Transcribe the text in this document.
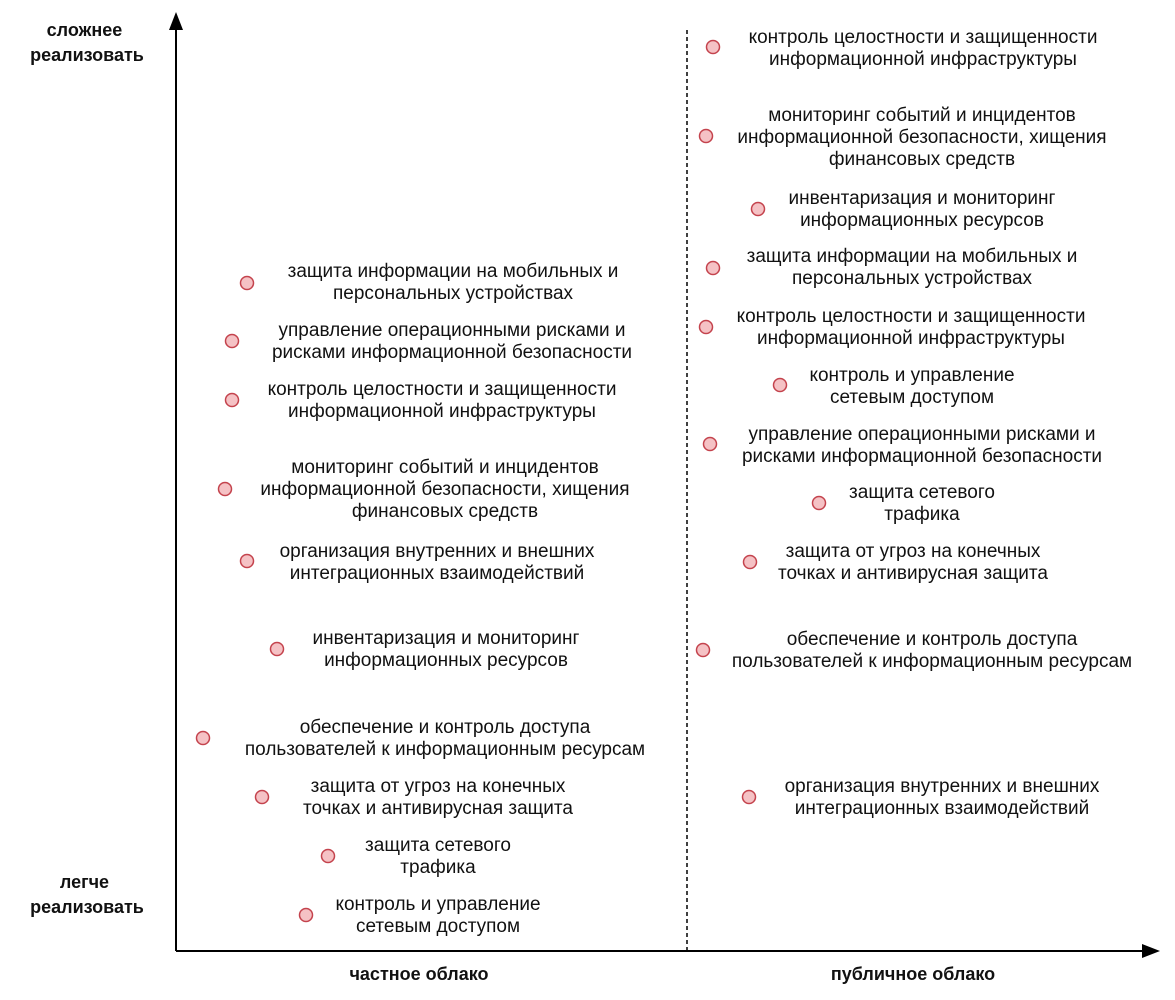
сложнее реализовать
легче реализовать
частное облако	публичное облако
защита информации на мобильных и персональных устройствах
управление операционными рисками и рисками информационной безопасности
контроль целостности и защищенности информационной инфраструктуры
мониторинг событий и инцидентов информационной безопасности, хищения финансовых средств
организация внутренних и внешних интеграционных взаимодействий
инвентаризация и мониторинг информационных ресурсов
обеспечение и контроль доступа пользователей к информационным ресурсам
защита от угроз на конечных точках и антивирусная защита
защита сетевого трафика
контроль и управление сетевым доступом
контроль целостности и защищенности информационной инфраструктуры
мониторинг событий и инцидентов информационной безопасности, хищения финансовых средств
инвентаризация и мониторинг информационных ресурсов
защита информации на мобильных и персональных устройствах
контроль целостности и защищенности информационной инфраструктуры
контроль и управление сетевым доступом
управление операционными рисками и рисками информационной безопасности
защита сетевого трафика
защита от угроз на конечных точках и антивирусная защита
обеспечение и контроль доступа пользователей к информационным ресурсам
организация внутренних и внешних интеграционных взаимодействий
